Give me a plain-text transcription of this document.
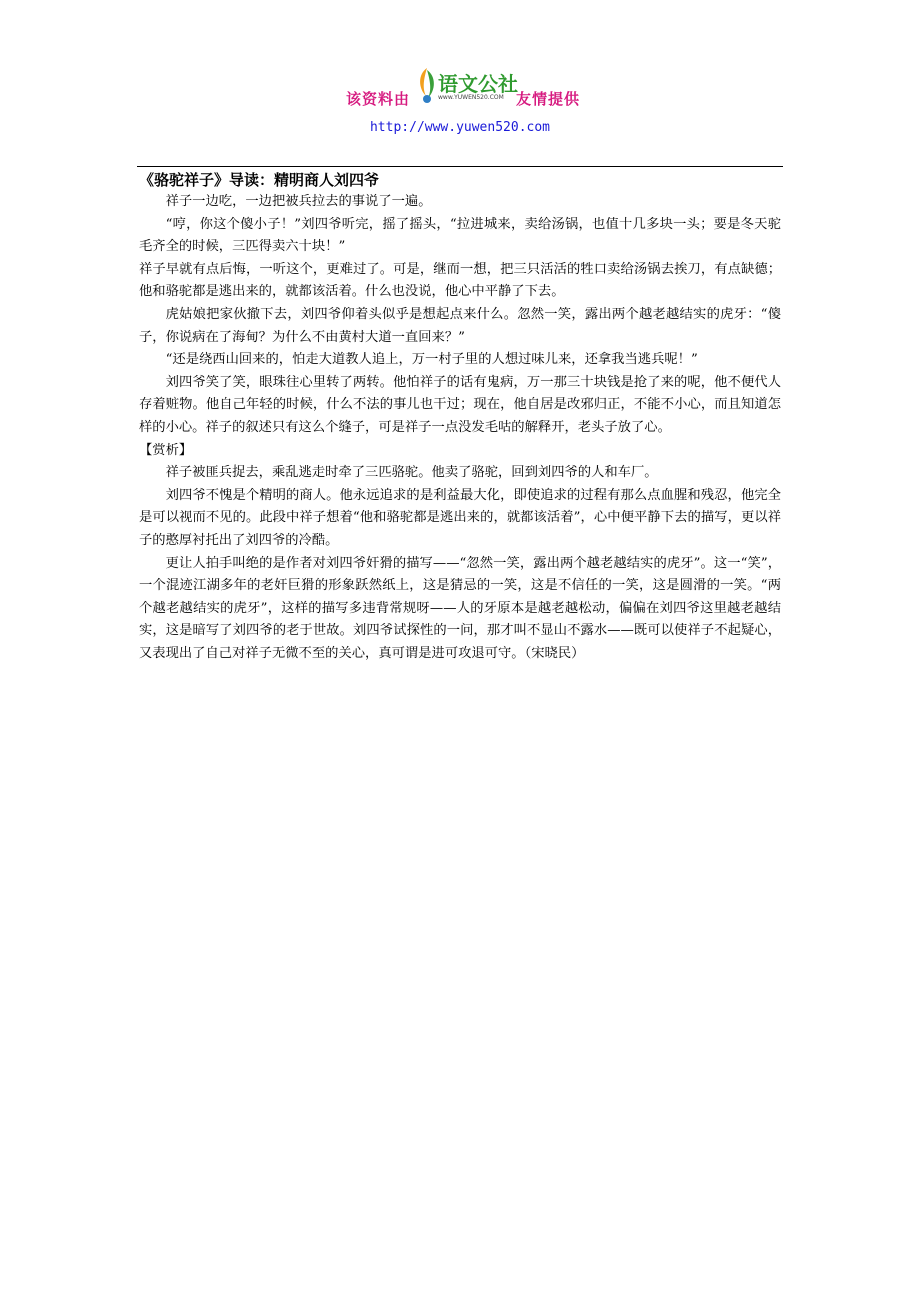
该资料由
语文公社
www.YUWEN520.COM 友情提供
http://www.yuwen520.com
《骆驼祥子》导读：精明商人刘四爷

祥子一边吃，一边把被兵拉去的事说了一遍。

“哼，你这个傻小子！”刘四爷听完，摇了摇头，“拉进城来，卖给汤锅，也值十几多块一头；要是冬天驼毛齐全的时候，三匹得卖六十块！”

祥子早就有点后悔，一听这个，更难过了。可是，继而一想，把三只活活的牲口卖给汤锅去挨刀，有点缺德；他和骆驼都是逃出来的，就都该活着。什么也没说，他心中平静了下去。

虎姑娘把家伙撤下去，刘四爷仰着头似乎是想起点来什么。忽然一笑，露出两个越老越结实的虎牙：“傻子，你说病在了海甸？为什么不由黄村大道一直回来？”

“还是绕西山回来的，怕走大道教人追上，万一村子里的人想过味儿来，还拿我当逃兵呢！”

刘四爷笑了笑，眼珠往心里转了两转。他怕祥子的话有鬼病，万一那三十块钱是抢了来的呢，他不便代人存着赃物。他自己年轻的时候，什么不法的事儿也干过；现在，他自居是改邪归正，不能不小心，而且知道怎样的小心。祥子的叙述只有这么个缝子，可是祥子一点没发毛咕的解释开，老头子放了心。

【赏析】

祥子被匪兵捉去，乘乱逃走时牵了三匹骆驼。他卖了骆驼，回到刘四爷的人和车厂。

刘四爷不愧是个精明的商人。他永远追求的是利益最大化，即使追求的过程有那么点血腥和残忍，他完全是可以视而不见的。此段中祥子想着“他和骆驼都是逃出来的，就都该活着”，心中便平静下去的描写，更以祥子的憨厚衬托出了刘四爷的冷酷。

更让人拍手叫绝的是作者对刘四爷奸猾的描写——“忽然一笑，露出两个越老越结实的虎牙”。这一“笑”，一个混迹江湖多年的老奸巨猾的形象跃然纸上，这是猜忌的一笑，这是不信任的一笑，这是圆滑的一笑。“两个越老越结实的虎牙”，这样的描写多违背常规呀——人的牙原本是越老越松动，偏偏在刘四爷这里越老越结实，这是暗写了刘四爷的老于世故。刘四爷试探性的一问，那才叫不显山不露水——既可以使祥子不起疑心，又表现出了自己对祥子无微不至的关心，真可谓是进可攻退可守。（宋晓民）
